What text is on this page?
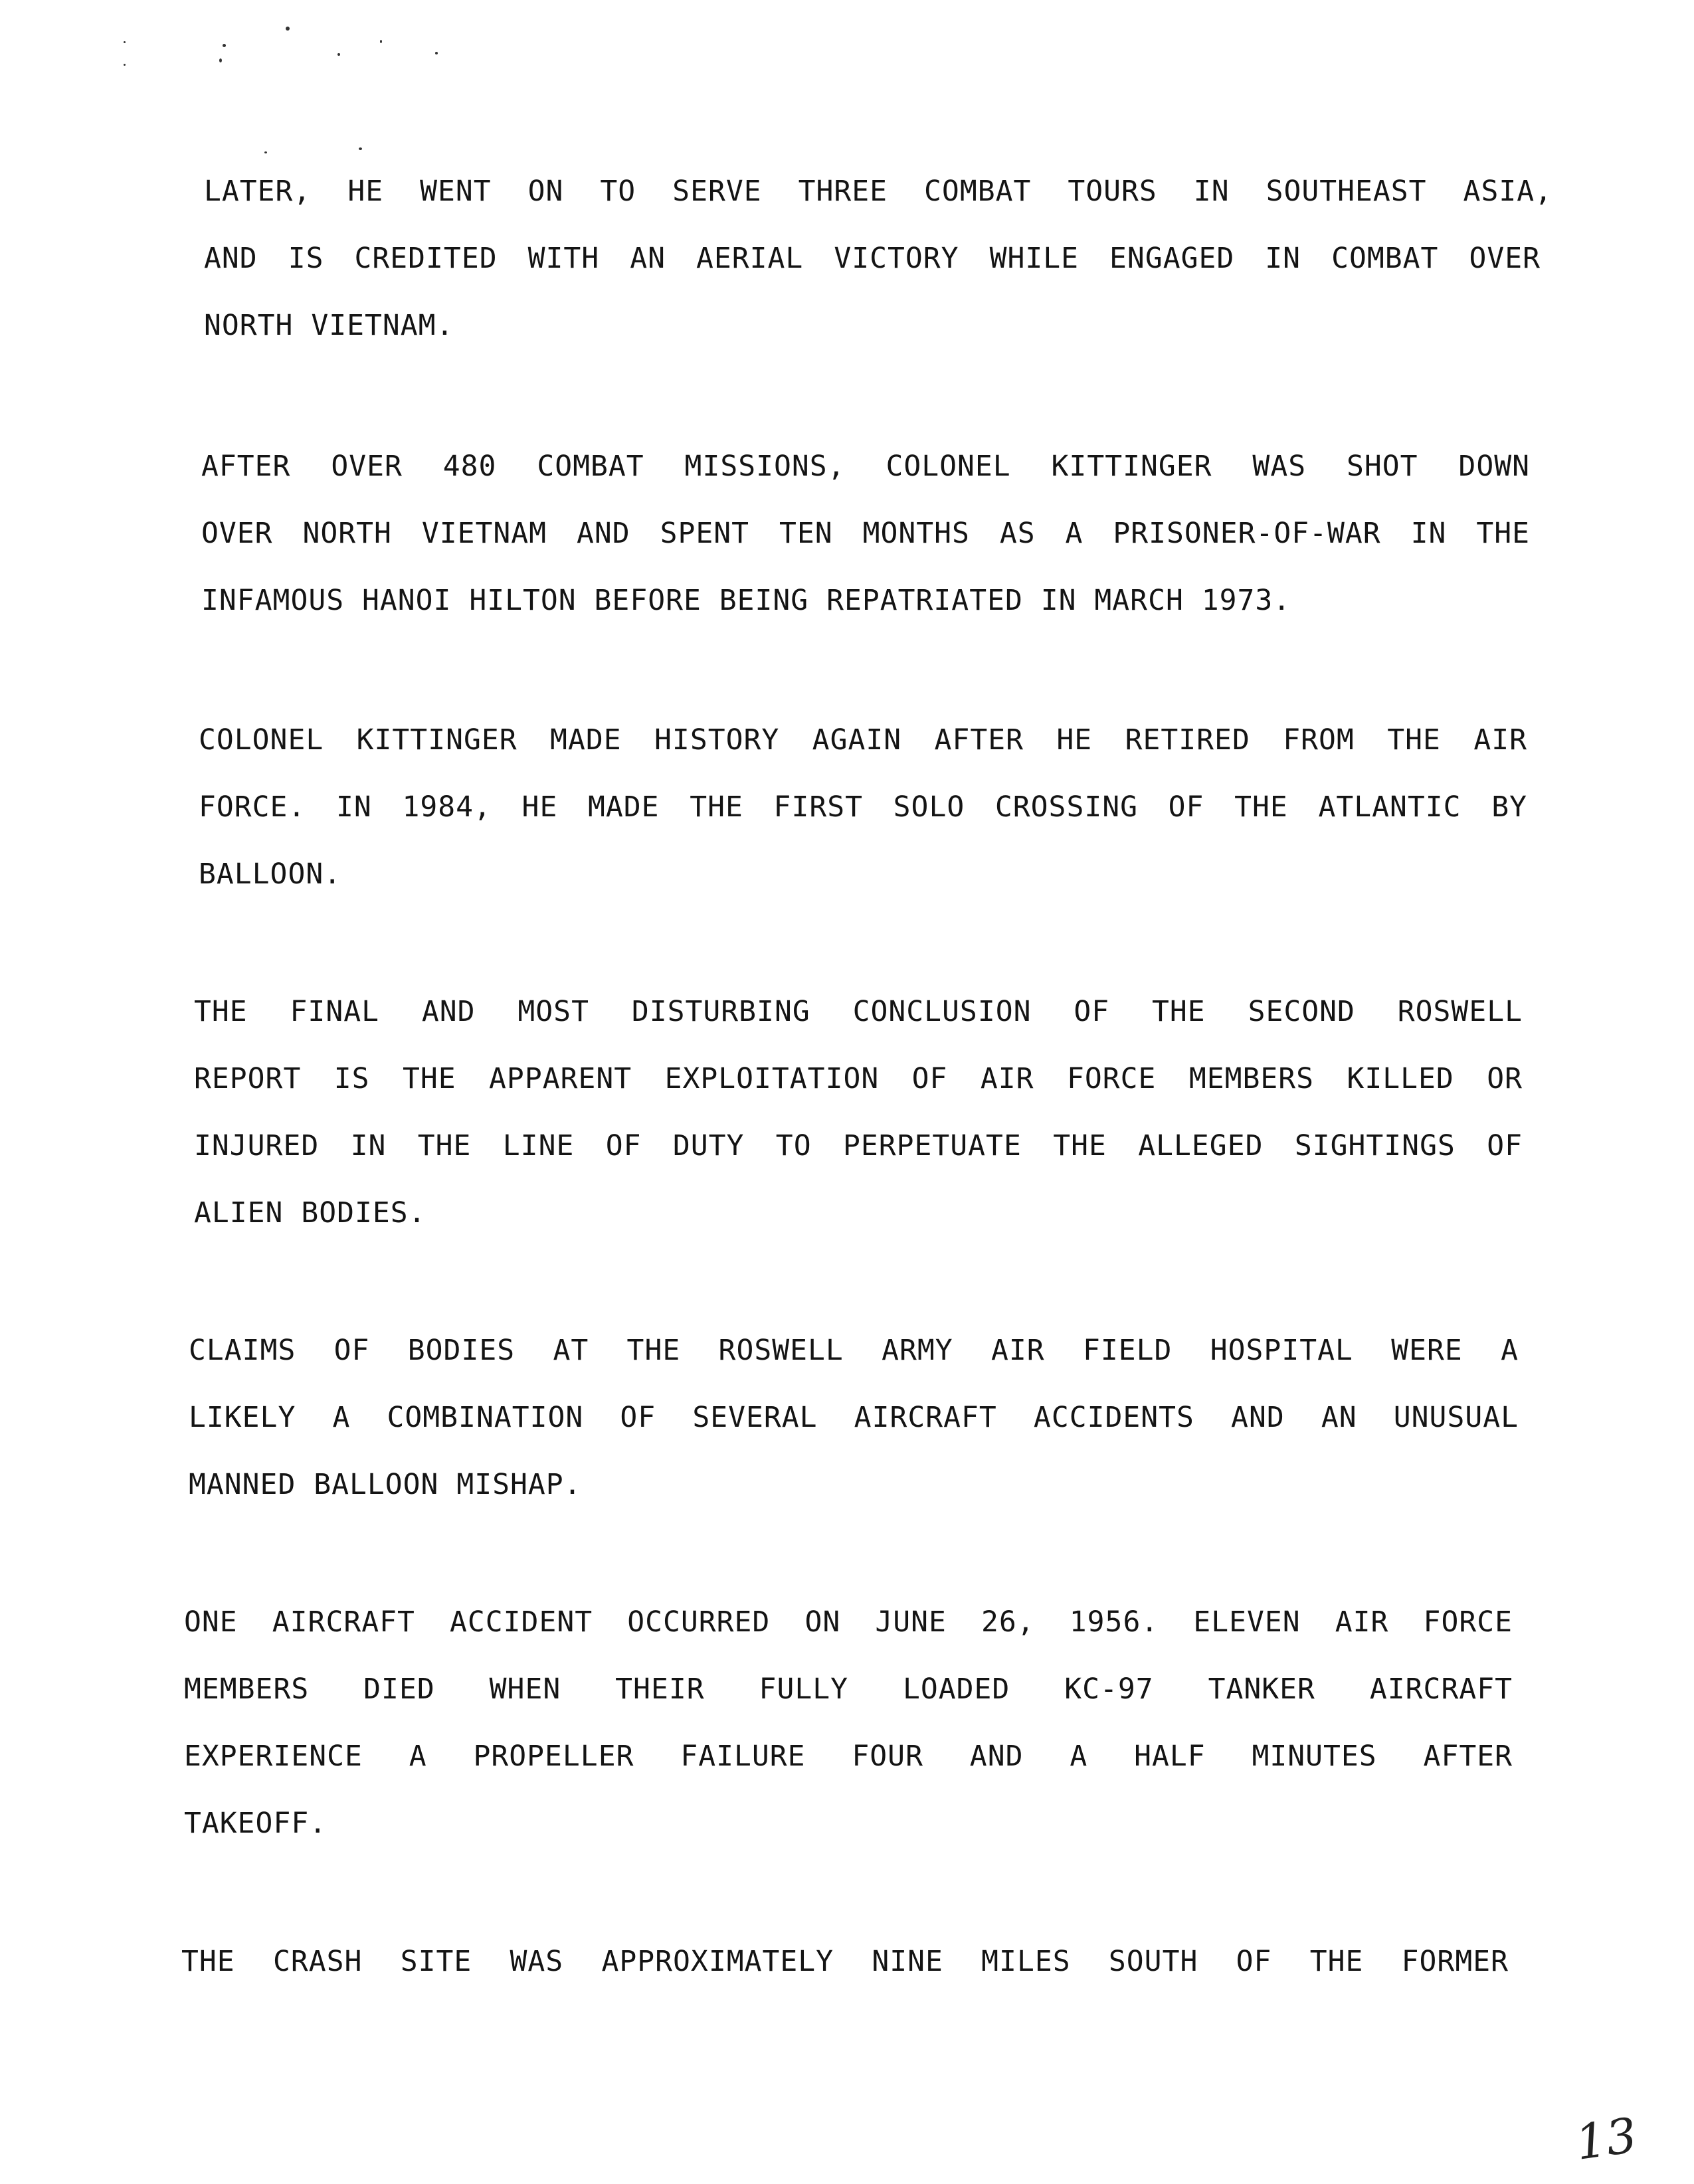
LATER, HE WENT ON TO SERVE THREE COMBAT TOURS IN SOUTHEAST ASIA,
AND IS CREDITED WITH AN AERIAL VICTORY WHILE ENGAGED IN COMBAT OVER
NORTH VIETNAM.
AFTER OVER 480 COMBAT MISSIONS, COLONEL KITTINGER WAS SHOT DOWN
OVER NORTH VIETNAM AND SPENT TEN MONTHS AS A PRISONER-OF-WAR IN THE
INFAMOUS HANOI HILTON BEFORE BEING REPATRIATED IN MARCH 1973.
COLONEL KITTINGER MADE HISTORY AGAIN AFTER HE RETIRED FROM THE AIR
FORCE. IN 1984, HE MADE THE FIRST SOLO CROSSING OF THE ATLANTIC BY
BALLOON.
THE FINAL AND MOST DISTURBING CONCLUSION OF THE SECOND ROSWELL
REPORT IS THE APPARENT EXPLOITATION OF AIR FORCE MEMBERS KILLED OR
INJURED IN THE LINE OF DUTY TO PERPETUATE THE ALLEGED SIGHTINGS OF
ALIEN BODIES.
CLAIMS OF BODIES AT THE ROSWELL ARMY AIR FIELD HOSPITAL WERE A
LIKELY A COMBINATION OF SEVERAL AIRCRAFT ACCIDENTS AND AN UNUSUAL
MANNED BALLOON MISHAP.
ONE AIRCRAFT ACCIDENT OCCURRED ON JUNE 26, 1956. ELEVEN AIR FORCE
MEMBERS DIED WHEN THEIR FULLY LOADED KC-97 TANKER AIRCRAFT
EXPERIENCE A PROPELLER FAILURE FOUR AND A HALF MINUTES AFTER
TAKEOFF.
THE CRASH SITE WAS APPROXIMATELY NINE MILES SOUTH OF THE FORMER
13
